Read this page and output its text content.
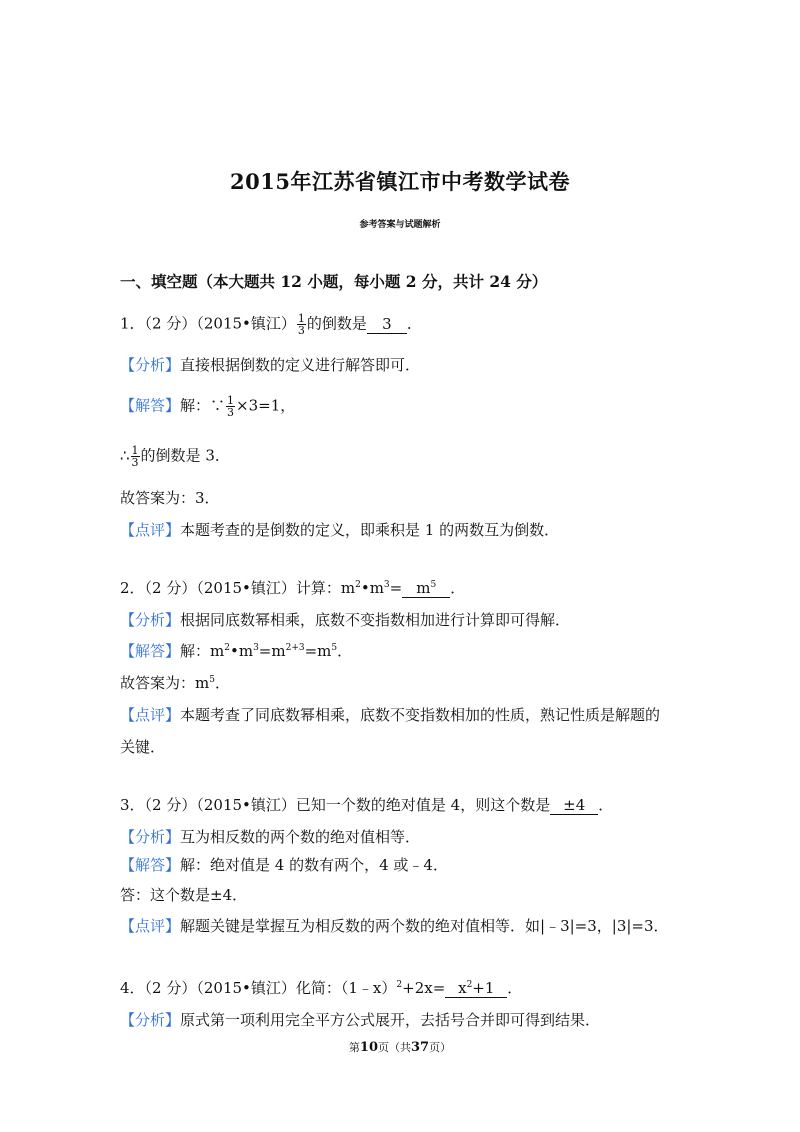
2015年江苏省镇江市中考数学试卷
参考答案与试题解析
一、填空题（本大题共 12 小题，每小题 2 分，共计 24 分）
1．（2 分）（2015•镇江） $\frac{1}{3}$ 的倒数是 3 ．
【分析】直接根据倒数的定义进行解答即可．
【解答】解：∵ $\frac{1}{3} \times 3=1$，
∴ $\frac{1}{3}$ 的倒数是 3．
故答案为：3．
【点评】本题考查的是倒数的定义，即乘积是 1 的两数互为倒数．
2．（2 分）（2015•镇江）计算：$m^2•m^3= m^5$ ．
【分析】根据同底数幂相乘，底数不变指数相加进行计算即可得解．
【解答】解：$m^2•m^3=m^{2+3}=m^5$．
故答案为：$m^5$．
【点评】本题考查了同底数幂相乘，底数不变指数相加的性质，熟记性质是解题的
关键．
3．（2 分）（2015•镇江）已知一个数的绝对值是 4，则这个数是 ±4 ．
【分析】互为相反数的两个数的绝对值相等．
【解答】解：绝对值是 4 的数有两个，4 或﹣4．
答：这个数是±4．
【点评】解题关键是掌握互为相反数的两个数的绝对值相等．如|﹣3|=3，|3|=3．
4．（2 分）（2015•镇江）化简：（1﹣x）$^2$+2x= $x^2+1$ ．
【分析】原式第一项利用完全平方公式展开，去括号合并即可得到结果．
第10页（共37页）
